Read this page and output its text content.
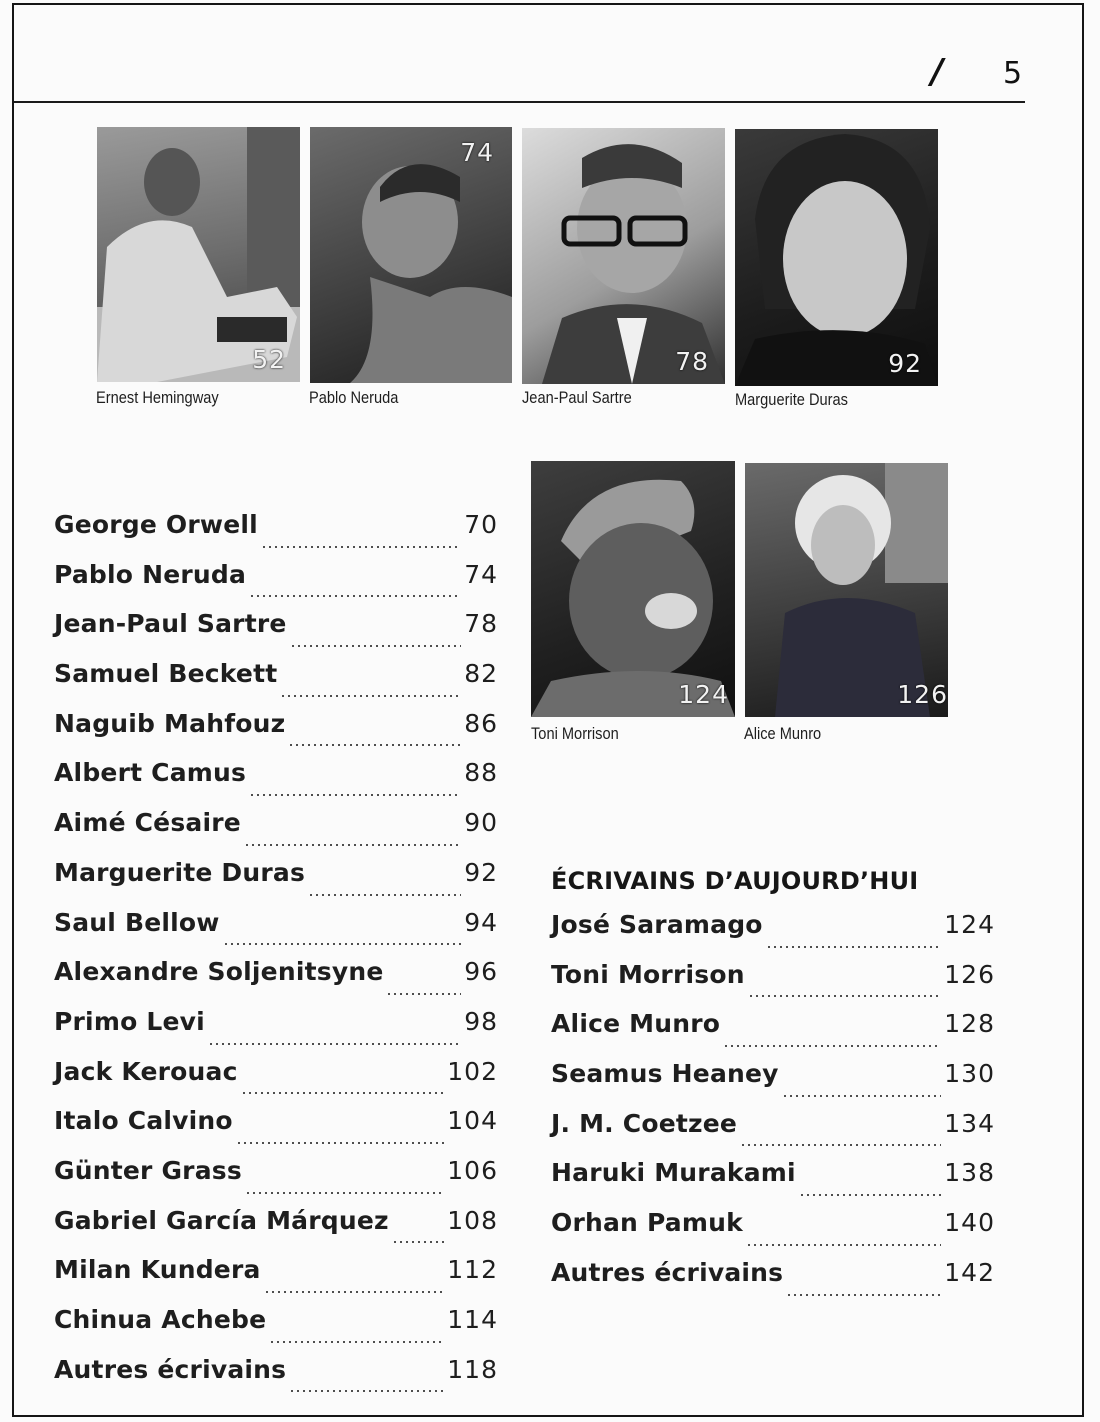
/	5
52
Ernest Hemingway
74
Pablo Neruda
78
Jean-Paul Sartre
92
Marguerite Duras
124
Toni Morrison
126
Alice Munro
George Orwell	70
Pablo Neruda	74
Jean-Paul Sartre	78
Samuel Beckett	82
Naguib Mahfouz	86
Albert Camus	88
Aimé Césaire	90
Marguerite Duras	92
Saul Bellow	94
Alexandre Soljenitsyne	96
Primo Levi	98
Jack Kerouac	102
Italo Calvino	104
Günter Grass	106
Gabriel García Márquez 108
Milan Kundera	112
Chinua Achebe	114
Autres écrivains	118
ÉCRIVAINS D’AUJOURD’HUI
José Saramago	124
Toni Morrison	126
Alice Munro	128
Seamus Heaney	130
J. M. Coetzee	134
Haruki Murakami	138
Orhan Pamuk	140
Autres écrivains	142
